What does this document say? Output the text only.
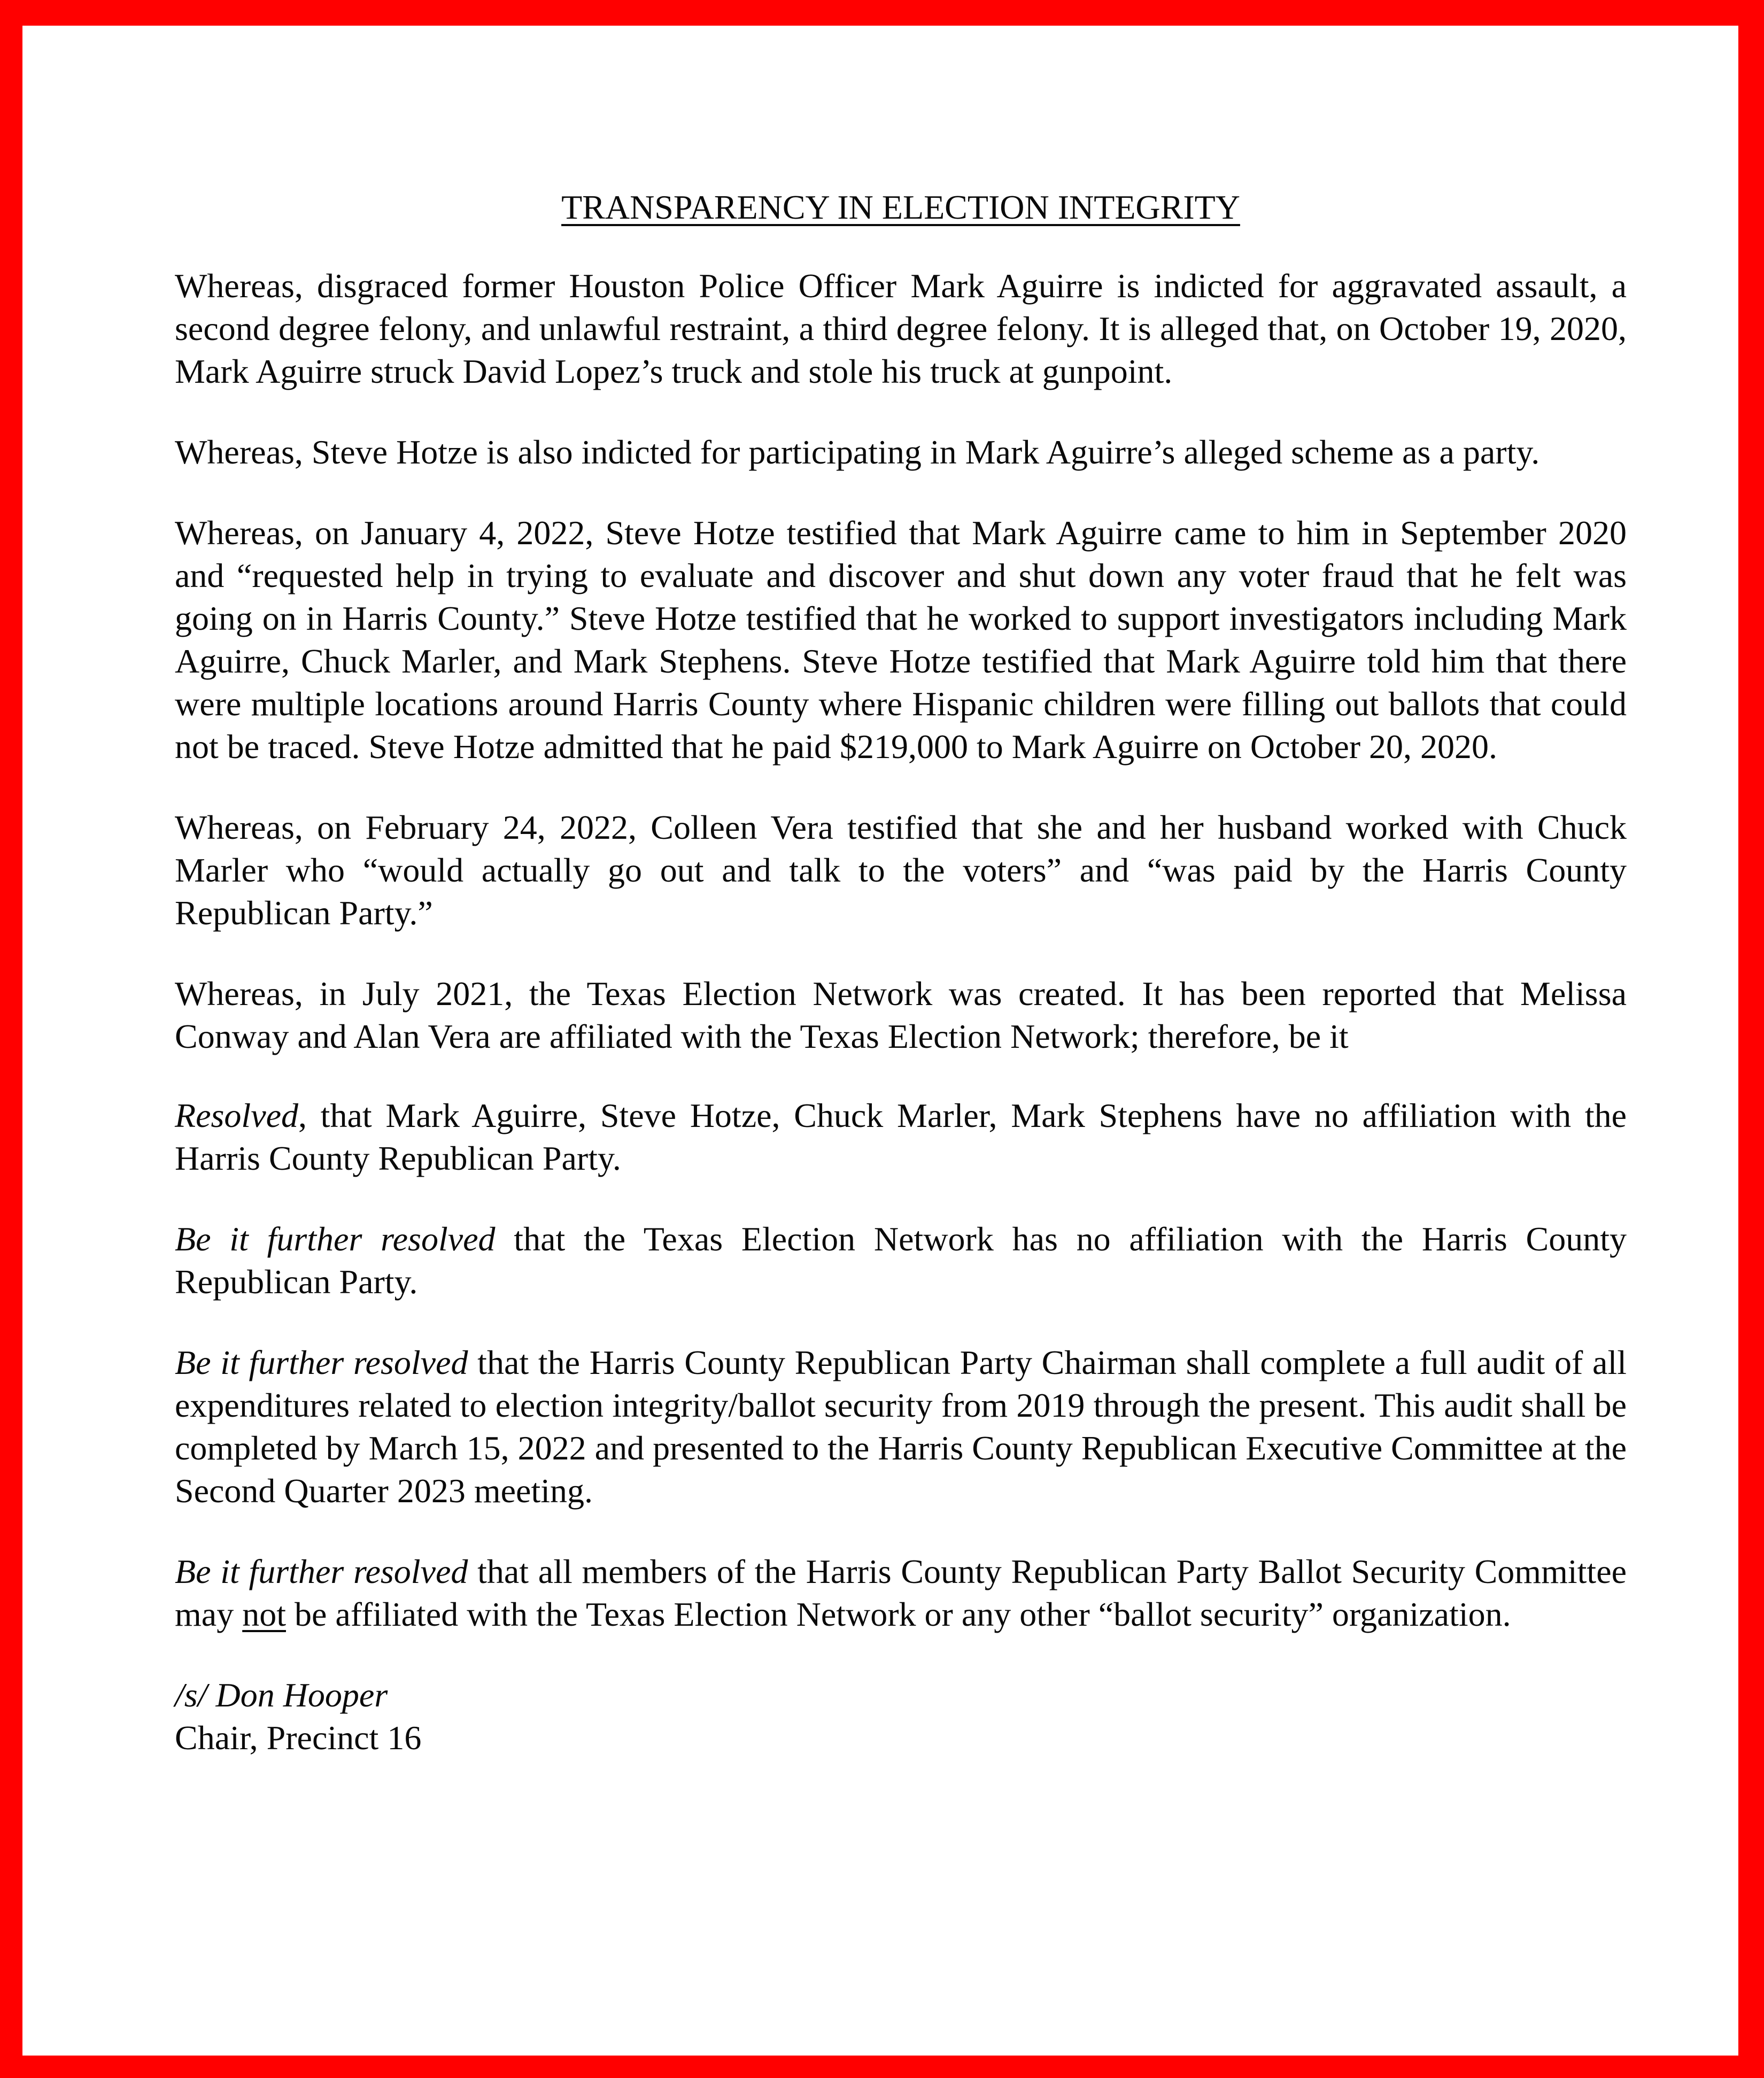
TRANSPARENCY IN ELECTION INTEGRITY

Whereas, disgraced former Houston Police Officer Mark Aguirre is indicted for aggravated assault, a second degree felony, and unlawful restraint, a third degree felony. It is alleged that, on October 19, 2020, Mark Aguirre struck David Lopez’s truck and stole his truck at gunpoint.

Whereas, Steve Hotze is also indicted for participating in Mark Aguirre’s alleged scheme as a party.

Whereas, on January 4, 2022, Steve Hotze testified that Mark Aguirre came to him in September 2020 and “requested help in trying to evaluate and discover and shut down any voter fraud that he felt was going on in Harris County.” Steve Hotze testified that he worked to support investigators including Mark Aguirre, Chuck Marler, and Mark Stephens. Steve Hotze testified that Mark Aguirre told him that there were multiple locations around Harris County where Hispanic children were filling out ballots that could not be traced. Steve Hotze admitted that he paid $219,000 to Mark Aguirre on October 20, 2020.

Whereas, on February 24, 2022, Colleen Vera testified that she and her husband worked with Chuck Marler who “would actually go out and talk to the voters” and “was paid by the Harris County Republican Party.”

Whereas, in July 2021, the Texas Election Network was created. It has been reported that Melissa Conway and Alan Vera are affiliated with the Texas Election Network; therefore, be it

Resolved, that Mark Aguirre, Steve Hotze, Chuck Marler, Mark Stephens have no affiliation with the Harris County Republican Party.

Be it further resolved that the Texas Election Network has no affiliation with the Harris County Republican Party.

Be it further resolved that the Harris County Republican Party Chairman shall complete a full audit of all expenditures related to election integrity/ballot security from 2019 through the present. This audit shall be completed by March 15, 2022 and presented to the Harris County Republican Executive Committee at the Second Quarter 2023 meeting.

Be it further resolved that all members of the Harris County Republican Party Ballot Security Committee may not be affiliated with the Texas Election Network or any other “ballot security” organization.

/s/ Don Hooper
Chair, Precinct 16
